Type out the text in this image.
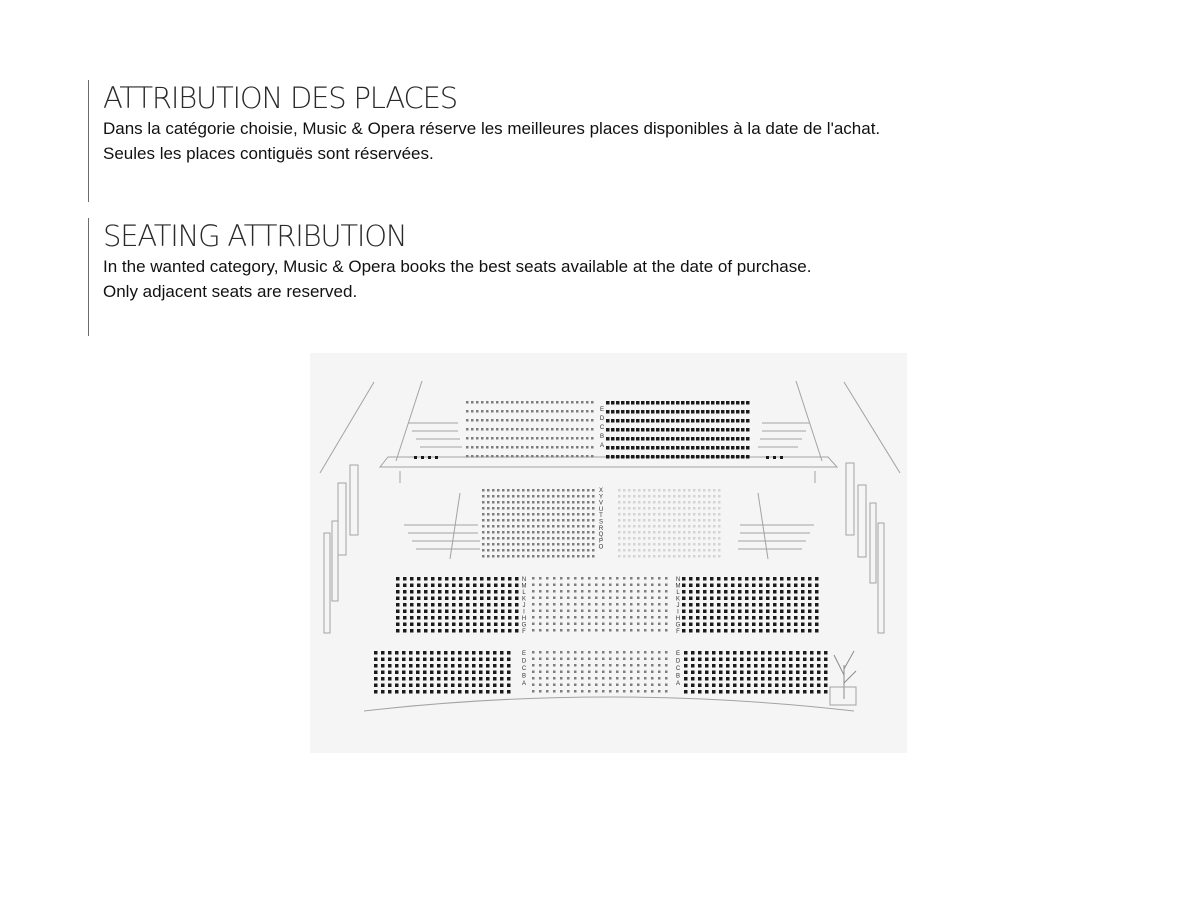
ATTRIBUTION DES PLACES

Dans la catégorie choisie, Music & Opera réserve les meilleures places disponibles à la date de l'achat.

Seules les places contiguës sont réservées.

SEATING ATTRIBUTION

In the wanted category, Music & Opera books the best seats available at the date of purchase.

Only adjacent seats are reserved.

E
D
C
B
A
X
Y
V
U
T
S
R
Q
P
O
N
M
L
K
J
I
H
G
F
N
M
L
K
J
I
H
G
F
E
D
C
B
A
E
D
C
B
A
